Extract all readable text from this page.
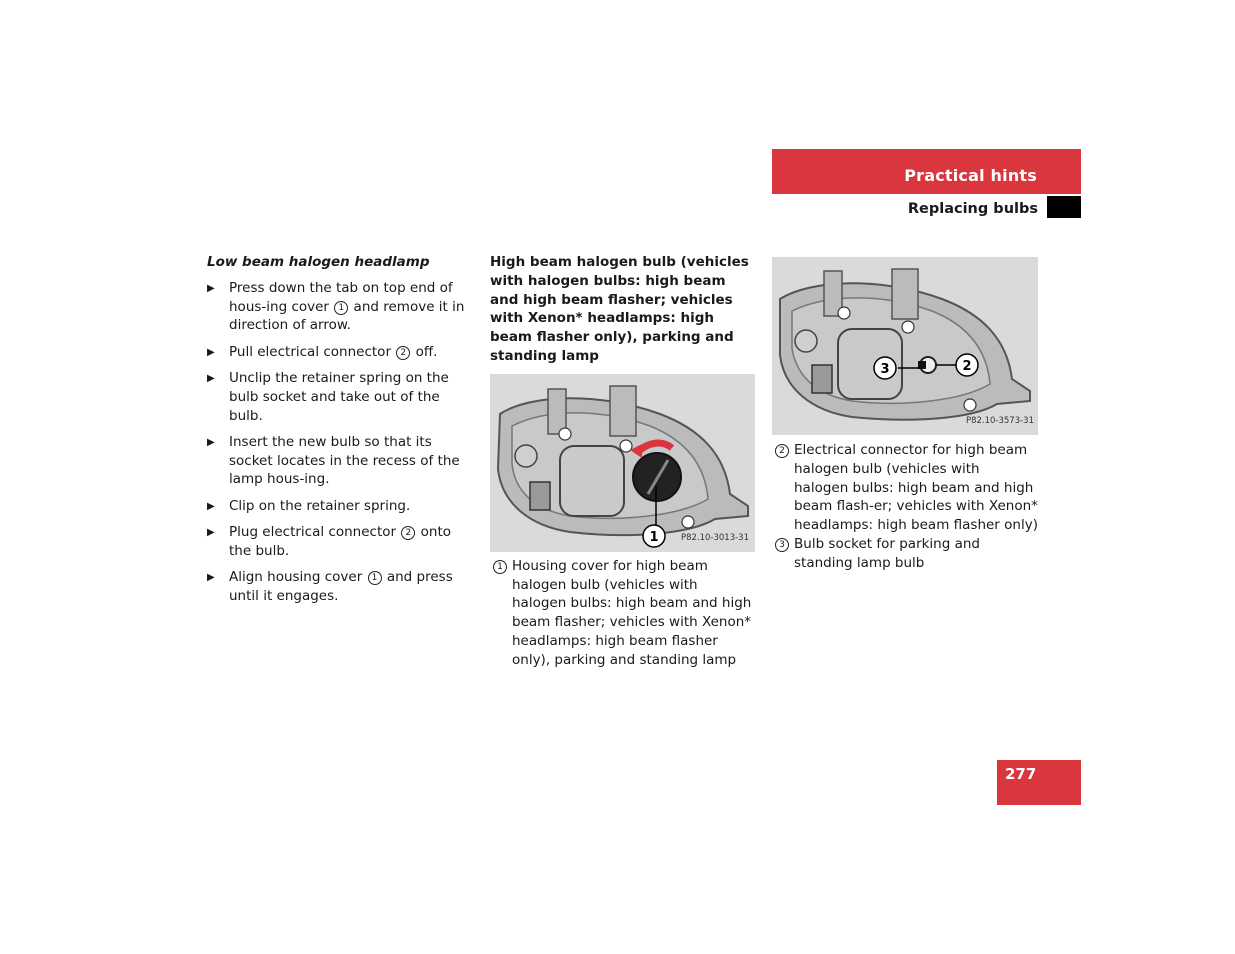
Practical hints
Replacing bulbs
Low beam halogen headlamp
▶ Press down the tab on top end of hous-ing cover 1 and remove it in direction of arrow.
▶ Pull electrical connector 2 off.
▶ Unclip the retainer spring on the bulb socket and take out of the bulb.
▶ Insert the new bulb so that its socket locates in the recess of the lamp hous-ing.
▶ Clip on the retainer spring.
▶ Plug electrical connector 2 onto the bulb.
▶ Align housing cover 1 and press until it engages.
High beam halogen bulb (vehicles with halogen bulbs: high beam and high beam flasher; vehicles with Xenon* headlamps: high beam flasher only), parking and standing lamp
1	P82.10-3013-31
1 Housing cover for high beam halogen bulb (vehicles with halogen bulbs: high beam and high beam flasher; vehicles with Xenon* headlamps: high beam flasher only), parking and standing lamp
3	2
P82.10-3573-31
2 Electrical connector for high beam halogen bulb (vehicles with halogen bulbs: high beam and high beam flash-er; vehicles with Xenon* headlamps: high beam flasher only)
3 Bulb socket for parking and standing lamp bulb
277
